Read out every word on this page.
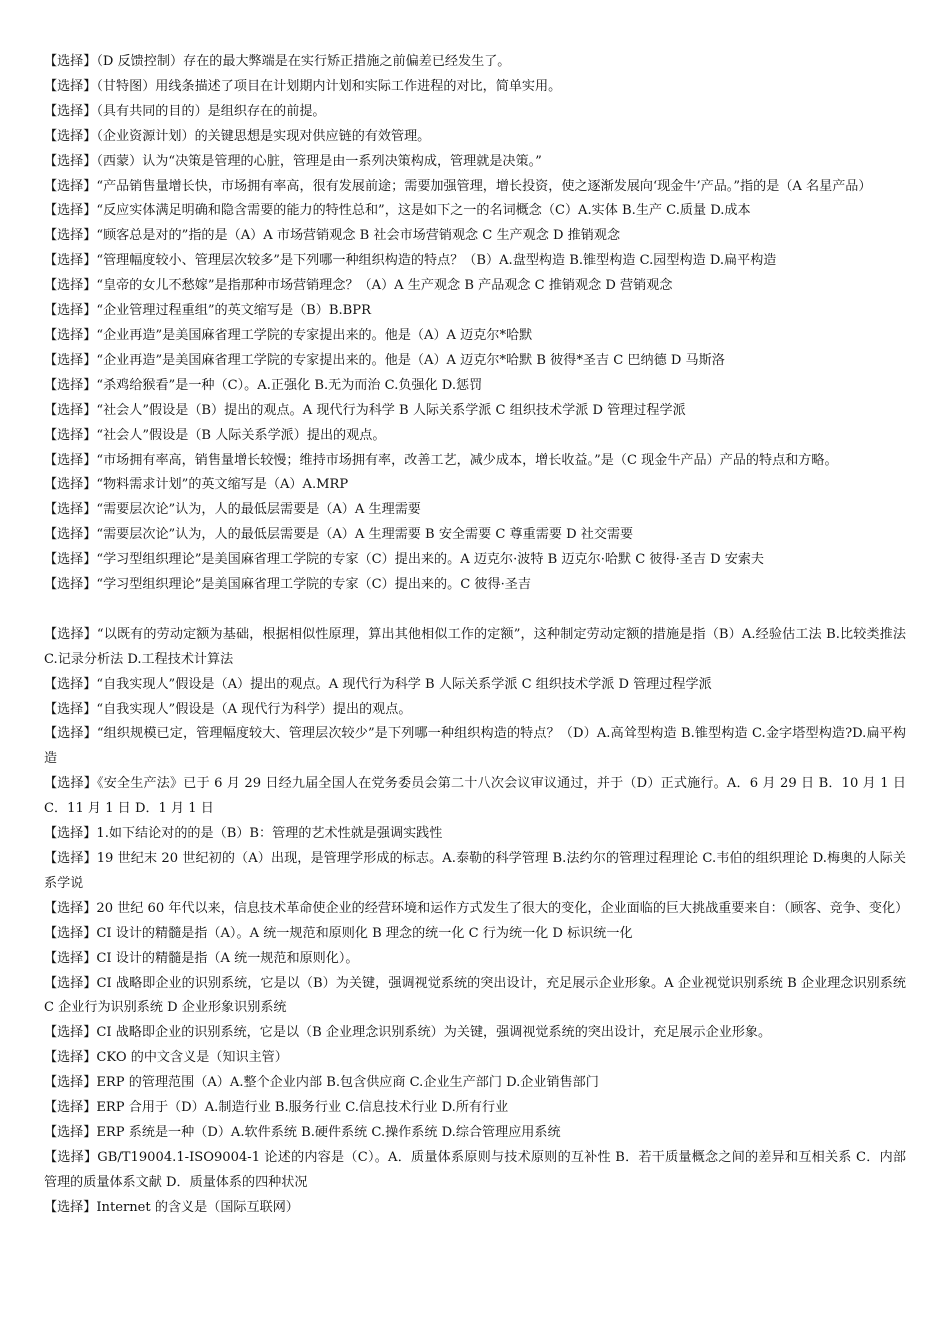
【选择】（D 反馈控制）存在的最大弊端是在实行矫正措施之前偏差已经发生了。

【选择】（甘特图）用线条描述了项目在计划期内计划和实际工作进程的对比，简单实用。

【选择】（具有共同的目的）是组织存在的前提。

【选择】（企业资源计划）的关键思想是实现对供应链的有效管理。

【选择】（西蒙）认为“决策是管理的心脏，管理是由一系列决策构成，管理就是决策。”

【选择】“产品销售量增长快，市场拥有率高，很有发展前途；需要加强管理，增长投资，使之逐渐发展向‘现金牛’产品。”指的是（A 名星产品）

【选择】“反应实体满足明确和隐含需要的能力的特性总和”，这是如下之一的名词概念（C）A.实体 B.生产 C.质量 D.成本

【选择】“顾客总是对的”指的是（A）A 市场营销观念 B 社会市场营销观念 C 生产观念 D 推销观念

【选择】“管理幅度较小、管理层次较多”是下列哪一种组织构造的特点？（B）A.盘型构造 B.锥型构造 C.园型构造 D.扁平构造

【选择】“皇帝的女儿不愁嫁”是指那种市场营销理念？（A）A 生产观念 B 产品观念 C 推销观念 D 营销观念

【选择】“企业管理过程重组”的英文缩写是（B）B.BPR

【选择】“企业再造”是美国麻省理工学院的专家提出来的。他是（A）A 迈克尔*哈默

【选择】“企业再造”是美国麻省理工学院的专家提出来的。他是（A）A 迈克尔*哈默 B 彼得*圣吉 C 巴纳德 D 马斯洛

【选择】“杀鸡给猴看”是一种（C）。A.正强化 B.无为而治 C.负强化 D.惩罚

【选择】“社会人”假设是（B）提出的观点。A 现代行为科学 B 人际关系学派 C 组织技术学派 D 管理过程学派

【选择】“社会人”假设是（B 人际关系学派）提出的观点。

【选择】“市场拥有率高，销售量增长较慢；维持市场拥有率，改善工艺，减少成本，增长收益。”是（C 现金牛产品）产品的特点和方略。

【选择】“物料需求计划”的英文缩写是（A）A.MRP

【选择】“需要层次论”认为，人的最低层需要是（A）A 生理需要

【选择】“需要层次论”认为，人的最低层需要是（A）A 生理需要 B 安全需要 C 尊重需要 D 社交需要

【选择】“学习型组织理论”是美国麻省理工学院的专家（C）提出来的。A 迈克尔·波特 B 迈克尔·哈默 C 彼得·圣吉 D 安索夫

【选择】“学习型组织理论”是美国麻省理工学院的专家（C）提出来的。C 彼得·圣吉

【选择】“以既有的劳动定额为基础，根据相似性原理，算出其他相似工作的定额”，这种制定劳动定额的措施是指（B）A.经验估工法 B.比较类推法 C.记录分析法 D.工程技术计算法

【选择】“自我实现人”假设是（A）提出的观点。A 现代行为科学 B 人际关系学派 C 组织技术学派 D 管理过程学派

【选择】“自我实现人”假设是（A 现代行为科学）提出的观点。

【选择】“组织规模已定，管理幅度较大、管理层次较少”是下列哪一种组织构造的特点？（D）A.高耸型构造 B.锥型构造 C.金字塔型构造?D.扁平构造

【选择】《安全生产法》已于 6 月 29 日经九届全国人在党务委员会第二十八次会议审议通过，并于（D）正式施行。A．6 月 29 日 B．10 月 1 日 C．11 月 1 日 D．1 月 1 日

【选择】1.如下结论对的的是（B）B：管理的艺术性就是强调实践性

【选择】19 世纪末 20 世纪初的（A）出现，是管理学形成的标志。A.泰勒的科学管理 B.法约尔的管理过程理论 C.韦伯的组织理论 D.梅奥的人际关系学说

【选择】20 世纪 60 年代以来，信息技术革命使企业的经营环境和运作方式发生了很大的变化，企业面临的巨大挑战重要来自：（顾客、竞争、变化）

【选择】CI 设计的精髓是指（A）。A 统一规范和原则化 B 理念的统一化 C 行为统一化 D 标识统一化

【选择】CI 设计的精髓是指（A 统一规范和原则化）。

【选择】CI 战略即企业的识别系统，它是以（B）为关键，强调视觉系统的突出设计，充足展示企业形象。A 企业视觉识别系统 B 企业理念识别系统 C 企业行为识别系统 D 企业形象识别系统

【选择】CI 战略即企业的识别系统，它是以（B 企业理念识别系统）为关键，强调视觉系统的突出设计，充足展示企业形象。

【选择】CKO 的中文含义是（知识主管）

【选择】ERP 的管理范围（A）A.整个企业内部 B.包含供应商 C.企业生产部门 D.企业销售部门

【选择】ERP 合用于（D）A.制造行业 B.服务行业 C.信息技术行业 D.所有行业

【选择】ERP 系统是一种（D）A.软件系统 B.硬件系统 C.操作系统 D.综合管理应用系统

【选择】GB/T19004.1-ISO9004-1 论述的内容是（C）。A．质量体系原则与技术原则的互补性 B．若干质量概念之间的差异和互相关系 C．内部管理的质量体系文献 D．质量体系的四种状况

【选择】Internet 的含义是（国际互联网）
